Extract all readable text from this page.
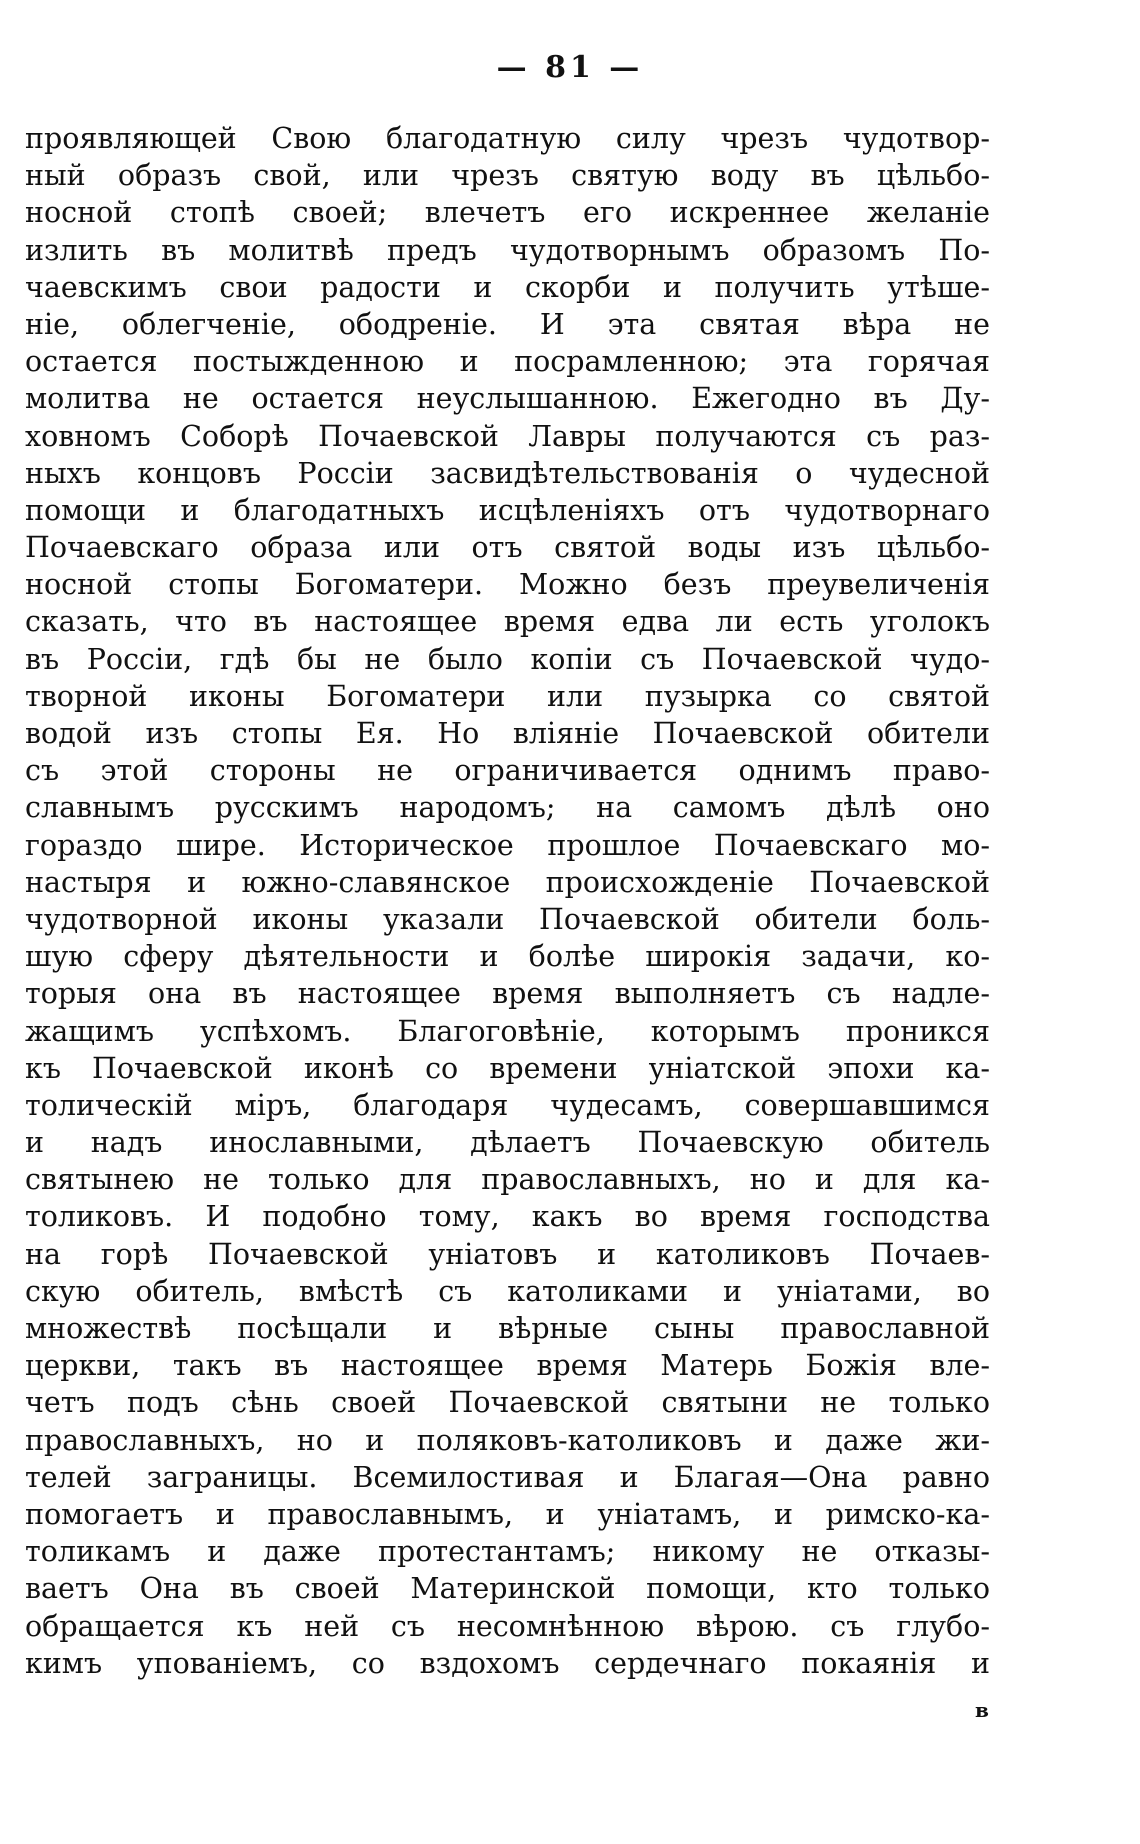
— 81 —
проявляющей Свою благодатную силу чрезъ чудотвор-
ный образъ свой, или чрезъ святую воду въ цѣльбо-
носной стопѣ своей; влечетъ его искреннее желаніе
излить въ молитвѣ предъ чудотворнымъ образомъ По-
чаевскимъ свои радости и скорби и получить утѣше-
ніе, облегченіе, ободреніе. И эта святая вѣра не
остается постыжденною и посрамленною; эта горячая
молитва не остается неуслышанною. Ежегодно въ Ду-
ховномъ Соборѣ Почаевской Лавры получаются съ раз-
ныхъ концовъ Россіи засвидѣтельствованія о чудесной
помощи и благодатныхъ исцѣленіяхъ отъ чудотворнаго
Почаевскаго образа или отъ святой воды изъ цѣльбо-
носной стопы Богоматери. Можно безъ преувеличенія
сказать, что въ настоящее время едва ли есть уголокъ
въ Россіи, гдѣ бы не было копіи съ Почаевской чудо-
творной иконы Богоматери или пузырка со святой
водой изъ стопы Ея. Но вліяніе Почаевской обители
съ этой стороны не ограничивается однимъ право-
славнымъ русскимъ народомъ; на самомъ дѣлѣ оно
гораздо шире. Историческое прошлое Почаевскаго мо-
настыря и южно-славянское происхожденіе Почаевской
чудотворной иконы указали Почаевской обители боль-
шую сферу дѣятельности и болѣе широкія задачи, ко-
торыя она въ настоящее время выполняетъ съ надле-
жащимъ успѣхомъ. Благоговѣніе, которымъ проникся
къ Почаевской иконѣ со времени уніатской эпохи ка-
толическій міръ, благодаря чудесамъ, совершавшимся
и надъ инославными, дѣлаетъ Почаевскую обитель
святынею не только для православныхъ, но и для ка-
толиковъ. И подобно тому, какъ во время господства
на горѣ Почаевской уніатовъ и католиковъ Почаев-
скую обитель, вмѣстѣ съ католиками и уніатами, во
множествѣ посѣщали и вѣрные сыны православной
церкви, такъ въ настоящее время Матерь Божія вле-
четъ подъ сѣнь своей Почаевской святыни не только
православныхъ, но и поляковъ-католиковъ и даже жи-
телей заграницы. Всемилостивая и Благая—Она равно
помогаетъ и православнымъ, и уніатамъ, и римско-ка-
толикамъ и даже протестантамъ; никому не отказы-
ваетъ Она въ своей Материнской помощи, кто только
обращается къ ней съ несомнѣнною вѣрою. съ глубо-
кимъ упованіемъ, со вздохомъ сердечнаго покаянія и
в
